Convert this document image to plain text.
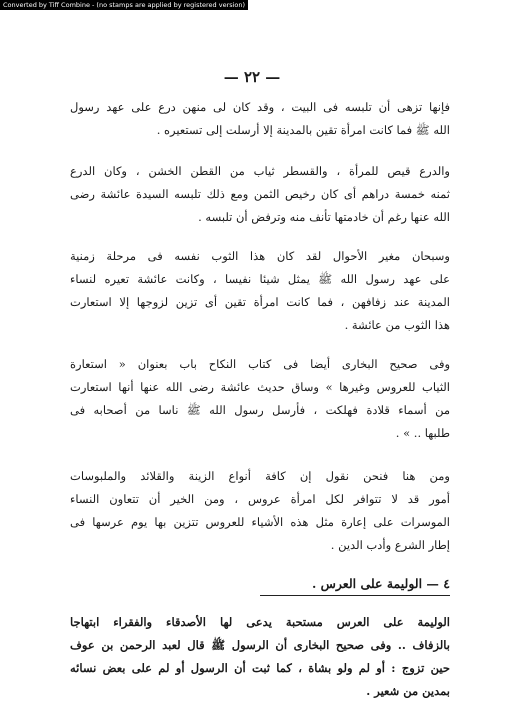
Converted by Tiff Combine - (no stamps are applied by registered version)
— ٢٢ —
فإنها تزهى أن تلبسه فى البيت ، وقد كان لى منهن درع على عهد رسول
الله ﷺ فما كانت امرأة تقين بالمدينة إلا أرسلت إلى تستعيره .
والدرع قيص للمرأة ، والقسطر ثياب من القطن الخشن ، وكان الدرع
ثمنه خمسة دراهم أى كان رخيص الثمن ومع ذلك تلبسه السيدة عائشة رضى
الله عنها رغم أن خادمتها تأنف منه وترفض أن تلبسه .
وسبحان مغير الأحوال لقد كان هذا الثوب نفسه فى مرحلة زمنية
على عهد رسول الله ﷺ يمثل شيئا نفيسا ، وكانت عائشة تعيره لنساء
المدينة عند زفافهن ، فما كانت امرأة تقين أى تزين لزوجها إلا استعارت
هذا الثوب من عائشة .
وفى صحيح البخارى أيضا فى كتاب النكاح باب بعنوان « استعارة
الثياب للعروس وغيرها » وساق حديث عائشة رضى الله عنها أنها استعارت
من أسماء قلادة فهلكت ، فأرسل رسول الله ﷺ ناسا من أصحابه فى
طلبها .. » .
ومن هنا فنحن نقول إن كافة أنواع الزينة والقلائد والملبوسات
أمور قد لا تتوافر لكل امرأة عروس ، ومن الخير أن تتعاون النساء
الموسرات على إعارة مثل هذه الأشياء للعروس تتزين بها يوم عرسها فى
إطار الشرع وأدب الدين .
٤ — الوليمة على العرس .
الوليمة على العرس مستحبة يدعى لها الأصدقاء والفقراء ابتهاجا
بالزفاف .. وفى صحيح البخارى أن الرسول ﷺ قال لعبد الرحمن بن عوف
حين تزوج : أو لم ولو بشاة ، كما ثبت أن الرسول أو لم على بعض نسائه
بمدين من شعير .
